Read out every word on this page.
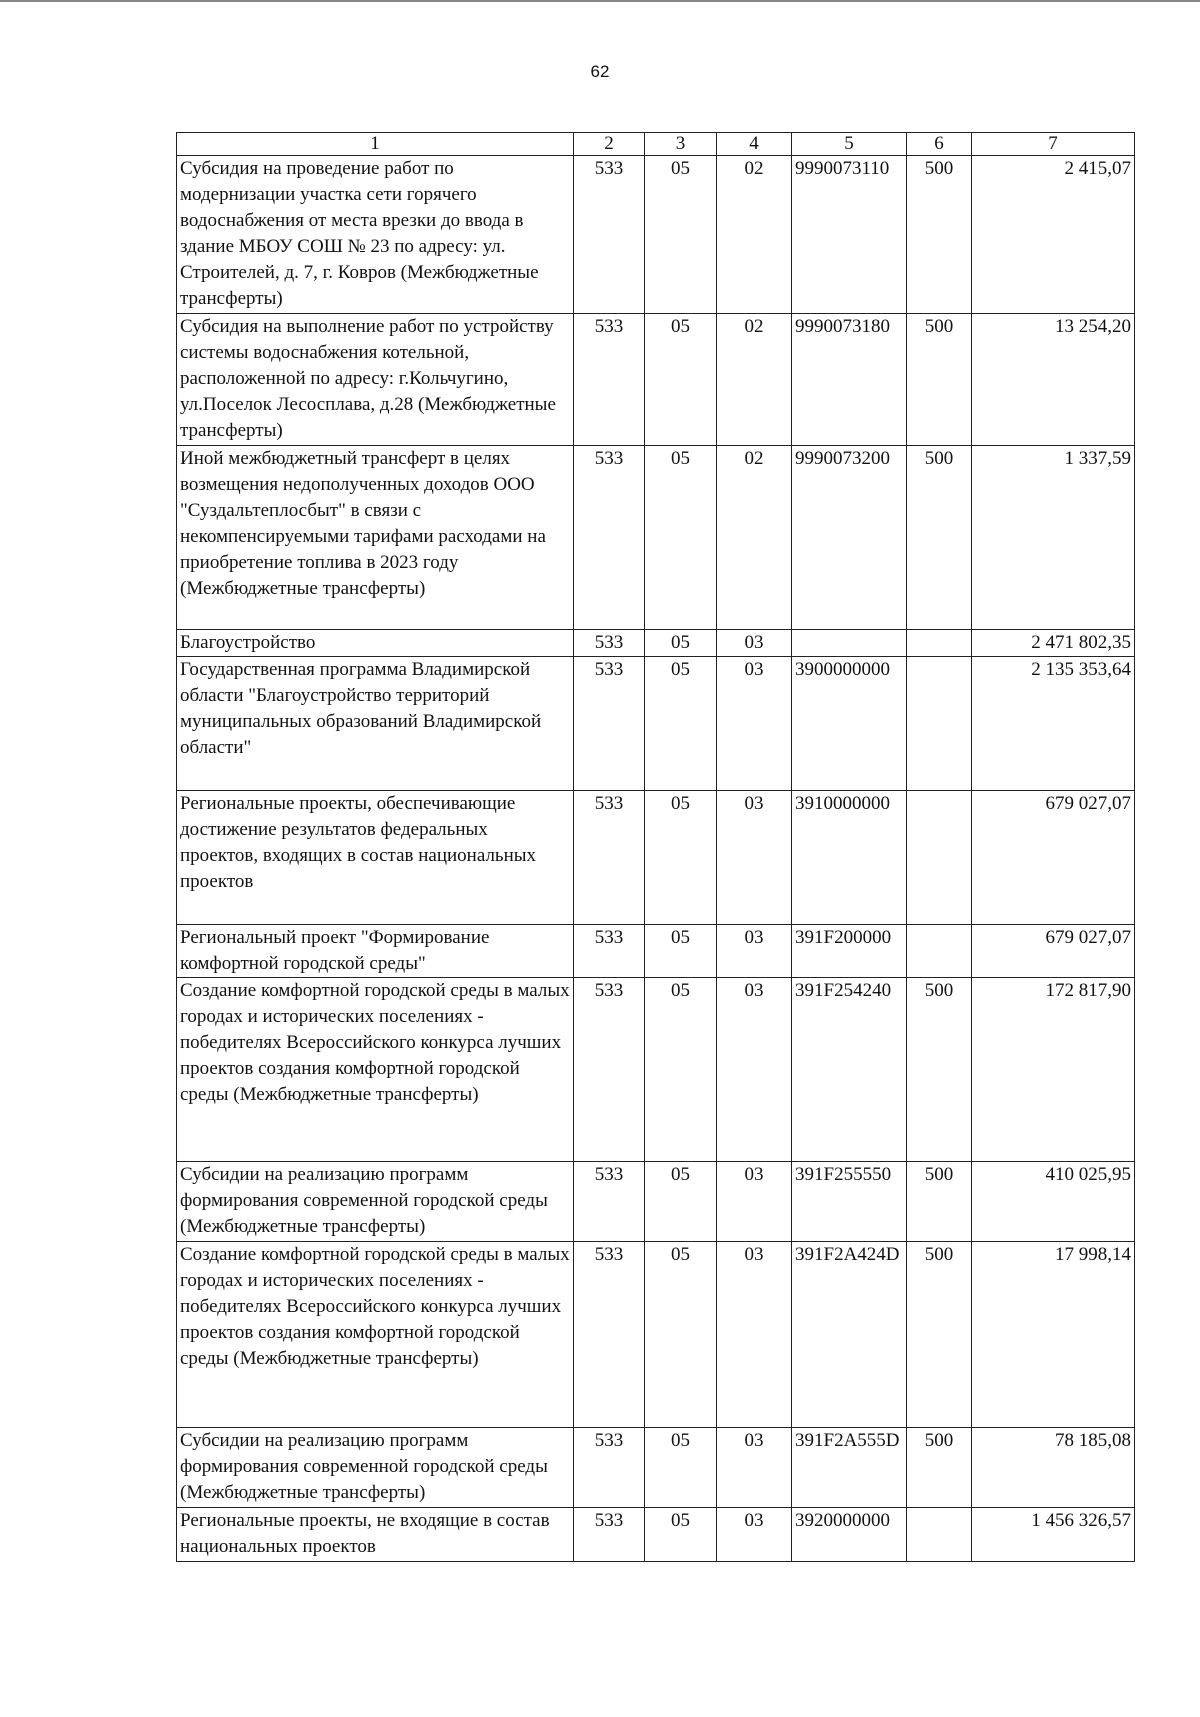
62
1	2	3	4	5	6	7
Субсидия на проведение работ по модернизации участка сети горячего водоснабжения от места врезки до ввода в здание МБОУ СОШ № 23 по адресу: ул. Строителей, д. 7, г. Ковров (Межбюджетные трансферты)	533	05	02	9990073110	500	2 415,07
Субсидия на выполнение работ по устройству системы водоснабжения котельной, расположенной по адресу: г.Кольчугино, ул.Поселок Лесосплава, д.28 (Межбюджетные трансферты)	533	05	02	9990073180	500	13 254,20
Иной межбюджетный трансферт в целях возмещения недополученных доходов ООО "Суздальтеплосбыт" в связи с некомпенсируемыми тарифами расходами на приобретение топлива в 2023 году (Межбюджетные трансферты)	533	05	02	9990073200	500	1 337,59
Благоустройство	533	05	03			2 471 802,35
Государственная программа Владимирской области "Благоустройство территорий муниципальных образований Владимирской области"	533	05	03	3900000000		2 135 353,64
Региональные проекты, обеспечивающие достижение результатов федеральных проектов, входящих в состав национальных проектов	533	05	03	3910000000		679 027,07
Региональный проект "Формирование комфортной городской среды"	533	05	03	391F200000		679 027,07
Создание комфортной городской среды в малых городах и исторических поселениях - победителях Всероссийского конкурса лучших проектов создания комфортной городской среды (Межбюджетные трансферты)	533	05	03	391F254240	500	172 817,90
Субсидии на реализацию программ формирования современной городской среды (Межбюджетные трансферты)	533	05	03	391F255550	500	410 025,95
Создание комфортной городской среды в малых городах и исторических поселениях - победителях Всероссийского конкурса лучших проектов создания комфортной городской среды (Межбюджетные трансферты)	533	05	03	391F2A424D	500	17 998,14
Субсидии на реализацию программ формирования современной городской среды (Межбюджетные трансферты)	533	05	03	391F2A555D	500	78 185,08
Региональные проекты, не входящие в состав национальных проектов	533	05	03	3920000000		1 456 326,57
